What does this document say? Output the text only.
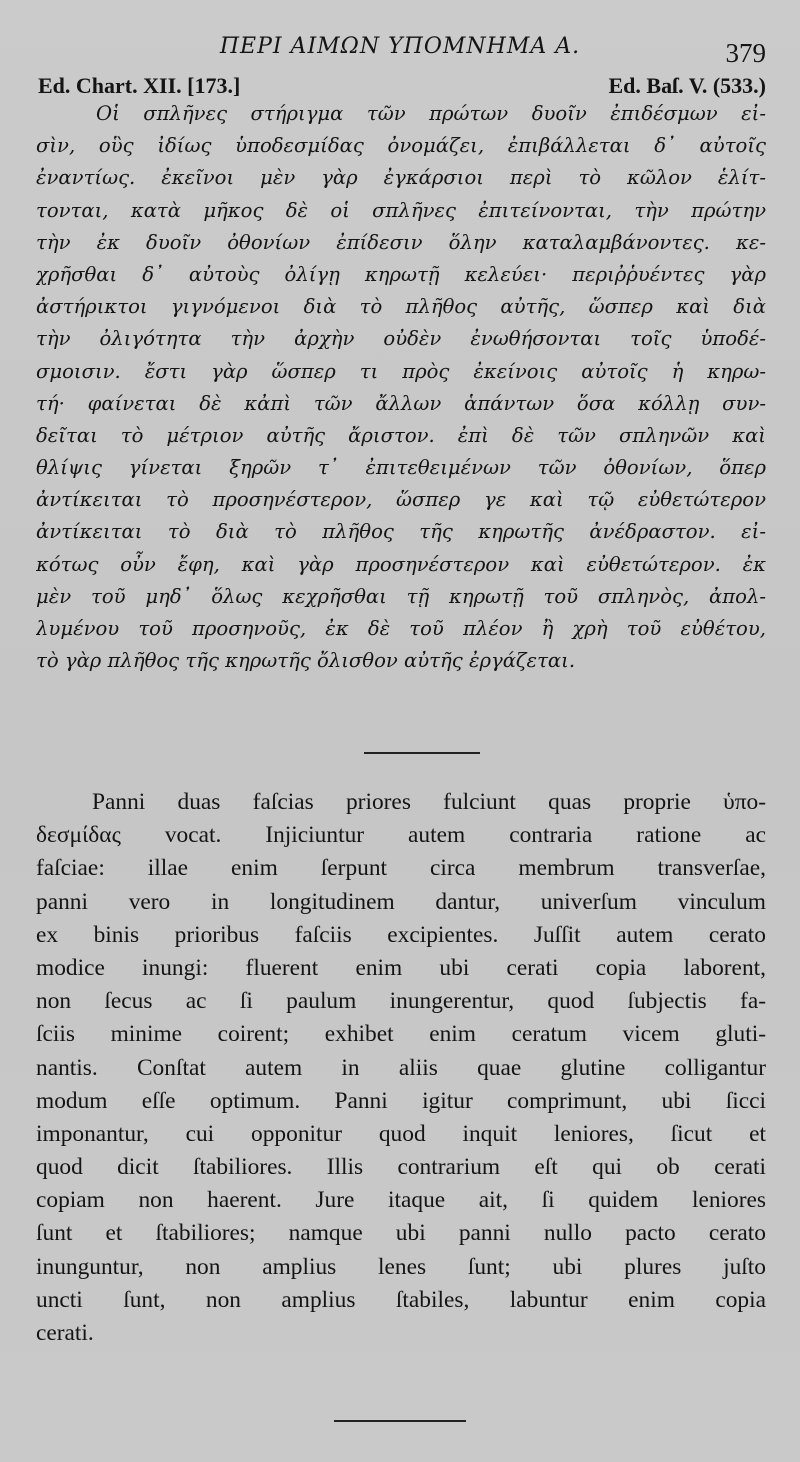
ΠΕΡΙ ΑΙΜΩΝ ΥΠΟΜΝΗΜΑ Α.	379
Ed. Chart. XII. [173.]	Ed. Baſ. V. (533.)
Οἱ σπλῆνες στήριγμα τῶν πρώτων δυοῖν ἐπιδέσμων εἰ-
σὶν, οὓς ἰδίως ὑποδεσμίδας ὀνομάζει, ἐπιβάλλεται δ᾽ αὐτοῖς
ἐναντίως. ἐκεῖνοι μὲν γὰρ ἐγκάρσιοι περὶ τὸ κῶλον ἑλίτ-
τονται, κατὰ μῆκος δὲ οἱ σπλῆνες ἐπιτείνονται, τὴν πρώτην
τὴν ἐκ δυοῖν ὀθονίων ἐπίδεσιν ὅλην καταλαμβάνοντες. κε-
χρῆσθαι δ᾽ αὐτοὺς ὀλίγῃ κηρωτῇ κελεύει· περιῤῥυέντες γὰρ
ἀστήρικτοι γιγνόμενοι διὰ τὸ πλῆθος αὐτῆς, ὥσπερ καὶ διὰ
τὴν ὀλιγότητα τὴν ἀρχὴν οὐδὲν ἐνωθήσονται τοῖς ὑποδέ-
σμοισιν. ἔστι γὰρ ὥσπερ τι πρὸς ἐκείνοις αὐτοῖς ἡ κηρω-
τή· φαίνεται δὲ κἀπὶ τῶν ἄλλων ἁπάντων ὅσα κόλλῃ συν-
δεῖται τὸ μέτριον αὐτῆς ἄριστον. ἐπὶ δὲ τῶν σπληνῶν καὶ
θλίψις γίνεται ξηρῶν τ᾽ ἐπιτεθειμένων τῶν ὀθονίων, ὅπερ
ἀντίκειται τὸ προσηνέστερον, ὥσπερ γε καὶ τῷ εὐθετώτερον
ἀντίκειται τὸ διὰ τὸ πλῆθος τῆς κηρωτῆς ἀνέδραστον. εἰ-
κότως οὖν ἔφη, καὶ γὰρ προσηνέστερον καὶ εὐθετώτερον. ἐκ
μὲν τοῦ μηδ᾽ ὅλως κεχρῆσθαι τῇ κηρωτῇ τοῦ σπληνὸς, ἀπολ-
λυμένου τοῦ προσηνοῦς, ἐκ δὲ τοῦ πλέον ἢ χρὴ τοῦ εὐθέτου,
τὸ γὰρ πλῆθος τῆς κηρωτῆς ὄλισθον αὐτῆς ἐργάζεται.
Panni duas faſcias priores fulciunt quas proprie ὑπο-
δεσμίδας vocat. Injiciuntur autem contraria ratione ac
faſciae: illae enim ſerpunt circa membrum transverſae,
panni vero in longitudinem dantur, univerſum vinculum
ex binis prioribus faſciis excipientes. Juſſit autem cerato
modice inungi: fluerent enim ubi cerati copia laborent,
non ſecus ac ſi paulum inungerentur, quod ſubjectis fa-
ſciis minime coirent; exhibet enim ceratum vicem gluti-
nantis. Conſtat autem in aliis quae glutine colligantur
modum eſſe optimum. Panni igitur comprimunt, ubi ſicci
imponantur, cui opponitur quod inquit leniores, ſicut et
quod dicit ſtabiliores. Illis contrarium eſt qui ob cerati
copiam non haerent. Jure itaque ait, ſi quidem leniores
ſunt et ſtabiliores; namque ubi panni nullo pacto cerato
inunguntur, non amplius lenes ſunt; ubi plures juſto
uncti ſunt, non amplius ſtabiles, labuntur enim copia
cerati.
